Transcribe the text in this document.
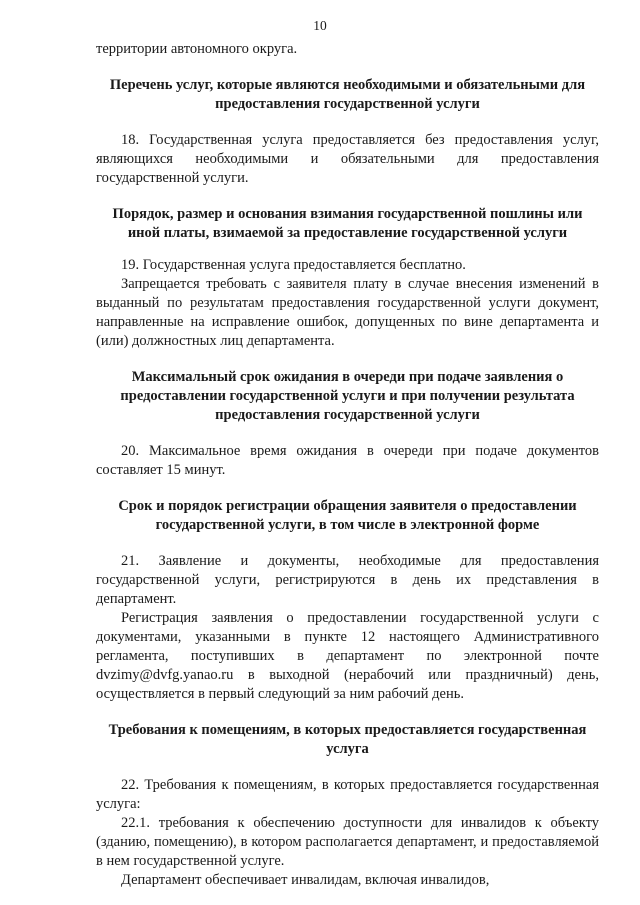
10

территории автономного округа.

Перечень услуг, которые являются необходимыми и обязательными для предоставления государственной услуги

18. Государственная услуга предоставляется без предоставления услуг, являющихся необходимыми и обязательными для предоставления государственной услуги.

Порядок, размер и основания взимания государственной пошлины или иной платы, взимаемой за предоставление государственной услуги

19. Государственная услуга предоставляется бесплатно.

Запрещается требовать с заявителя плату в случае внесения изменений в выданный по результатам предоставления государственной услуги документ, направленные на исправление ошибок, допущенных по вине департамента и (или) должностных лиц департамента.

Максимальный срок ожидания в очереди при подаче заявления о предоставлении государственной услуги и при получении результата предоставления государственной услуги

20. Максимальное время ожидания в очереди при подаче документов составляет 15 минут.

Срок и порядок регистрации обращения заявителя о предоставлении государственной услуги, в том числе в электронной форме

21. Заявление и документы, необходимые для предоставления государственной услуги, регистрируются в день их представления в департамент.

Регистрация заявления о предоставлении государственной услуги с документами, указанными в пункте 12 настоящего Административного регламента, поступивших в департамент по электронной почте dvzimy@dvfg.yanao.ru в выходной (нерабочий или праздничный) день, осуществляется в первый следующий за ним рабочий день.

Требования к помещениям, в которых предоставляется государственная услуга

22. Требования к помещениям, в которых предоставляется государственная услуга:

22.1. требования к обеспечению доступности для инвалидов к объекту (зданию, помещению), в котором располагается департамент, и предоставляемой в нем государственной услуге.

Департамент обеспечивает инвалидам, включая инвалидов,
